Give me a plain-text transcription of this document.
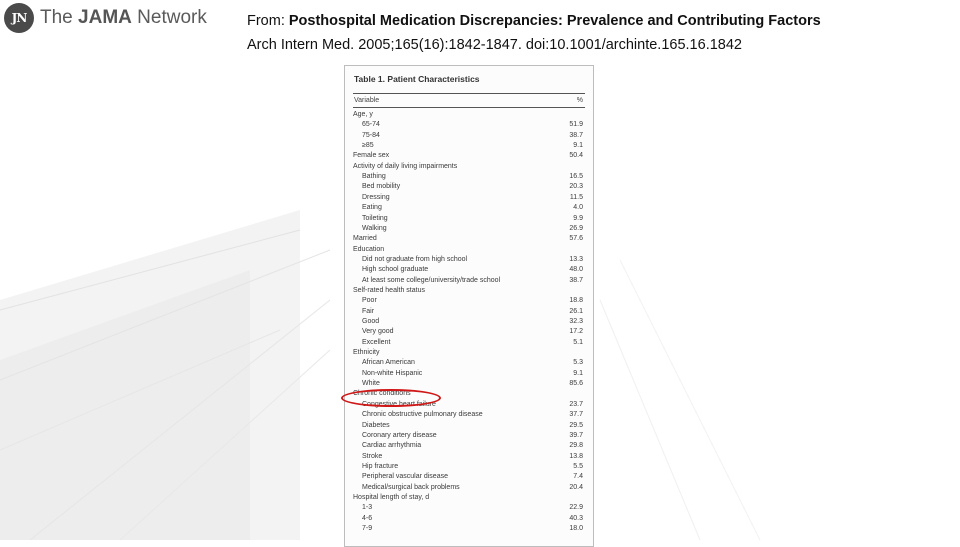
JN The JAMA Network	From: Posthospital Medication Discrepancies: Prevalence and Contributing Factors
Arch Intern Med. 2005;165(16):1842-1847. doi:10.1001/archinte.165.16.1842
Table 1. Patient Characteristics
Variable	%
Age, y
65-74	51.9
75-84	38.7
≥85	9.1
Female sex	50.4
Activity of daily living impairments
Bathing	16.5
Bed mobility	20.3
Dressing	11.5
Eating	4.0
Toileting	9.9
Walking	26.9
Married	57.6
Education
Did not graduate from high school	13.3
High school graduate	48.0
At least some college/university/trade school	38.7
Self-rated health status
Poor	18.8
Fair	26.1
Good	32.3
Very good	17.2
Excellent	5.1
Ethnicity
African American	5.3
Non-white Hispanic	9.1
White	85.6
Chronic conditions
Congestive heart failure	23.7
Chronic obstructive pulmonary disease	37.7
Diabetes	29.5
Coronary artery disease	39.7
Cardiac arrhythmia	29.8
Stroke	13.8
Hip fracture	5.5
Peripheral vascular disease	7.4
Medical/surgical back problems	20.4
Hospital length of stay, d
1-3	22.9
4-6	40.3
7-9	18.0
